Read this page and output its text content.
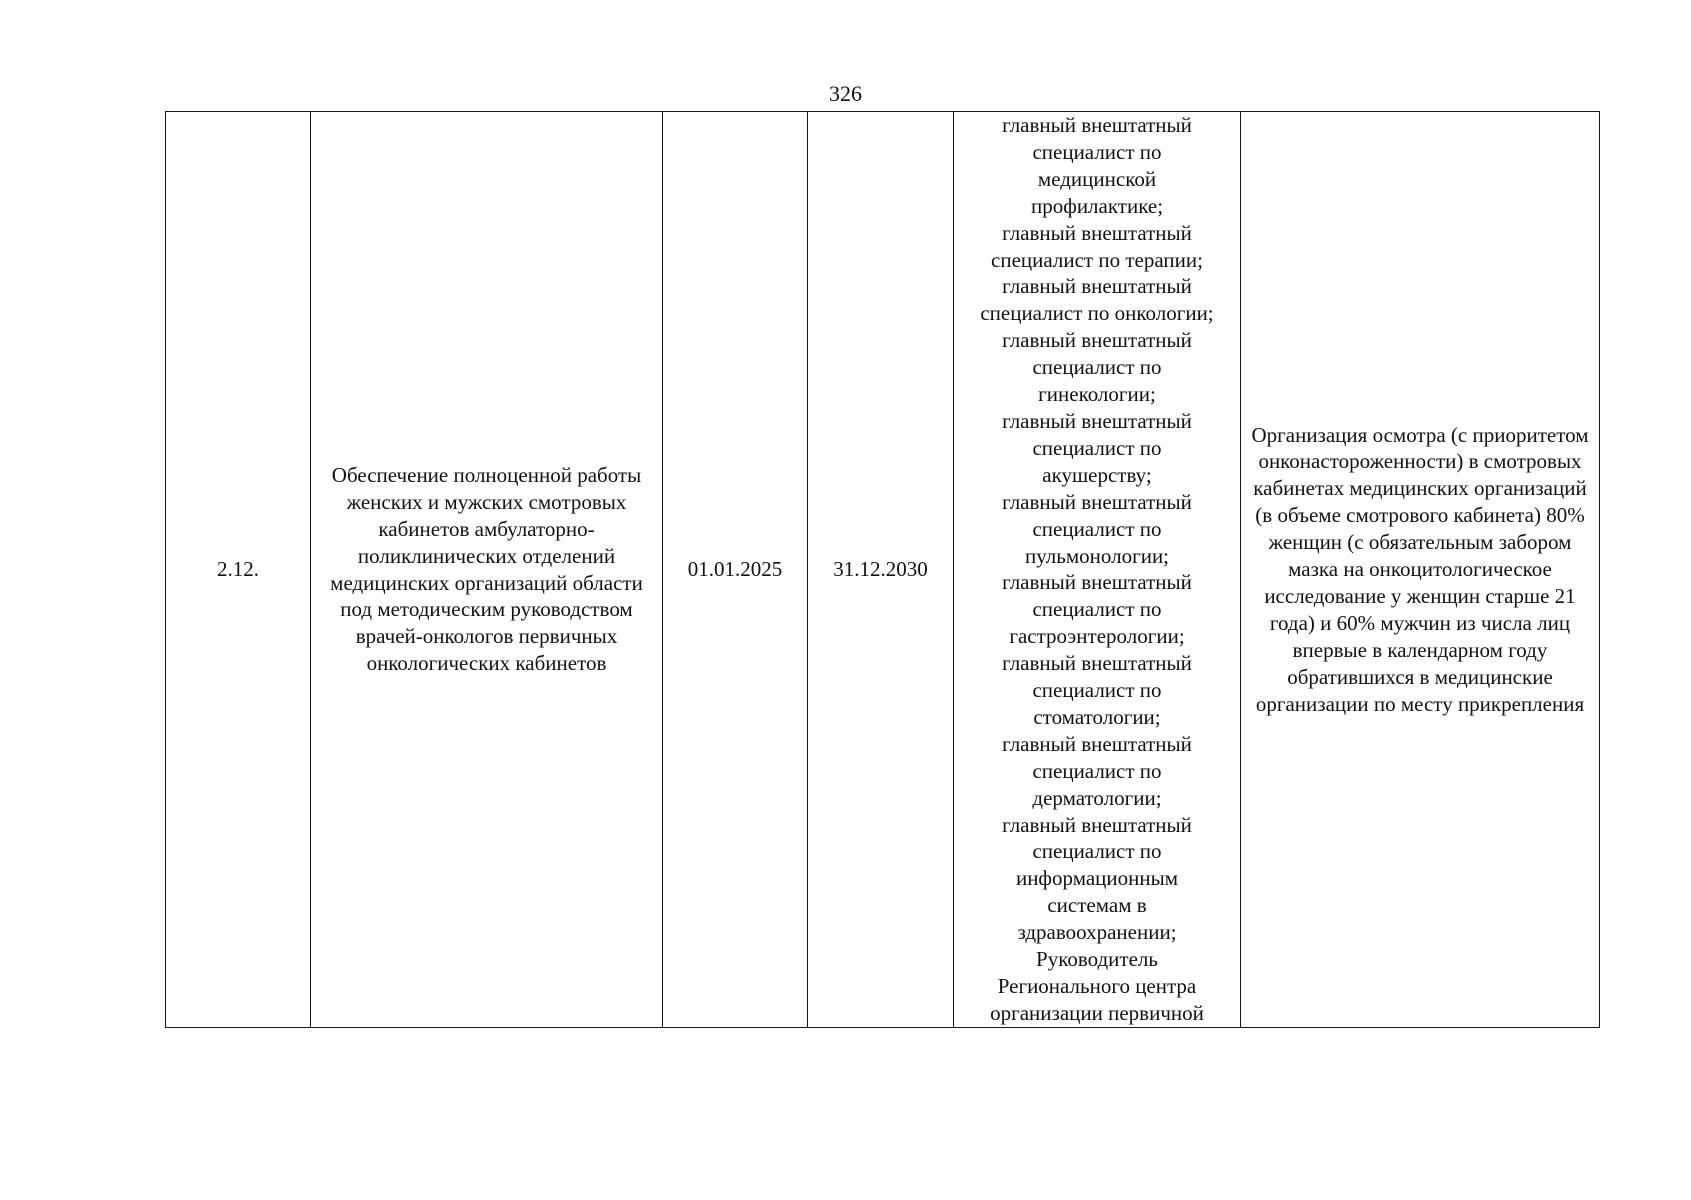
326
2.12.

Обеспечение полноценной работы женских и мужских смотровых кабинетов амбулаторно-поликлинических отделений медицинских организаций области под методическим руководством врачей-онкологов первичных онкологических кабинетов

01.01.2025	31.12.2030

главный внештатный
специалист по
медицинской
профилактике;
главный внештатный
специалист по терапии;
главный внештатный
специалист по онкологии;
главный внештатный
специалист по
гинекологии;
главный внештатный
специалист по
акушерству;
главный внештатный
специалист по
пульмонологии;
главный внештатный
специалист по
гастроэнтерологии;
главный внештатный
специалист по
стоматологии;
главный внештатный
специалист по
дерматологии;
главный внештатный
специалист по
информационным
системам в
здравоохранении;
Руководитель
Регионального центра
организации первичной

Организация осмотра (с приоритетом онконастороженности) в смотровых кабинетах медицинских организаций (в объеме смотрового кабинета) 80% женщин (с обязательным забором мазка на онкоцитологическое исследование у женщин старше 21 года) и 60% мужчин из числа лиц впервые в календарном году обратившихся в медицинские организации по месту прикрепления
